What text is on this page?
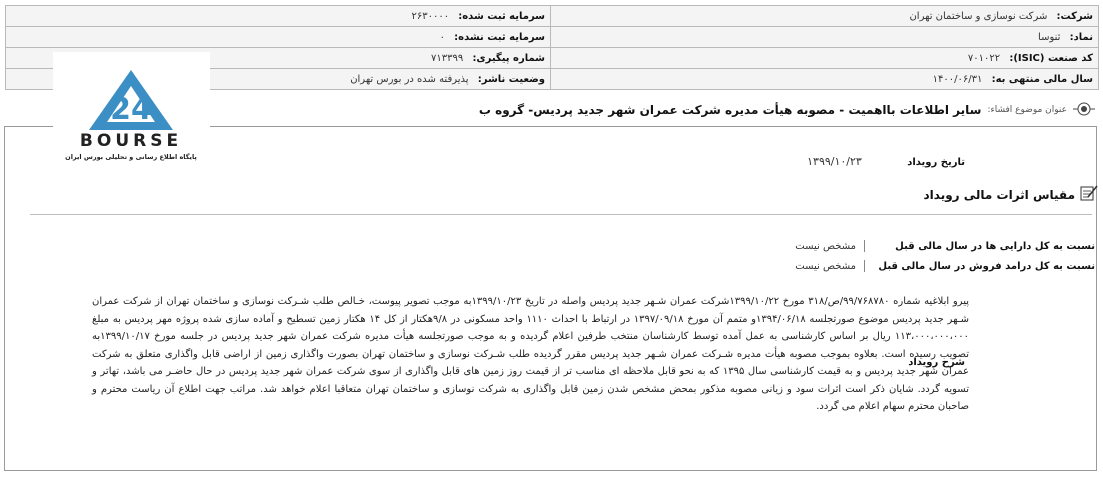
شرکت: شرکت نوسازی و ساختمان تهران	سرمایه ثبت شده: ۲۶۳۰۰۰۰
نماد: ثنوسا	سرمایه ثبت نشده: ۰
کد صنعت (ISIC): ۷۰۱۰۲۲	شماره پیگیری: ۷۱۳۳۹۹
سال مالی منتهی به: ۱۴۰۰/۰۶/۳۱	وضعیت ناشر: پذیرفته شده در بورس تهران
24
BOURSE
پایگاه اطلاع رسانی و تحلیلی بورس ایران
عنوان موضوع افشاء:
سایر اطلاعات بااهمیت - مصوبه هیأت مدیره شرکت عمران شهر جدید پردیس- گروه ب
تاریخ رویداد ۱۳۹۹/۱۰/۲۳
مقیاس اثرات مالی رویداد
نسبت به کل دارایی ها در سال مالی قبل
مشخص نیست
نسبت به کل درامد فروش در سال مالی قبل
مشخص نیست
شرح رویداد
پیرو ابلاغیه شماره ۹۹/۷۶۸۷۸۰/ص/۳۱۸ مورخ ۱۳۹۹/۱۰/۲۲شرکت عمران شـهر جدید پردیس واصله در تاریخ ۱۳۹۹/۱۰/۲۳به موجب تصویر پیوست، خـالص طلب شـرکت نوسازی و ساختمان تهران از شرکت عمران شـهر جدید پردیس موضوع صورتجلسه ۱۳۹۴/۰۶/۱۸و متمم آن مورخ ۱۳۹۷/۰۹/۱۸ در ارتباط با احداث ۱۱۱۰ واحد مسکونی در ۹/۸هکتار از کل ۱۴ هکتار زمین تسطیح و آماده سازی شده پروژه مهر پردیس به مبلغ ۱۱۳،۰۰۰،۰۰۰،۰۰۰ ریال بر اساس کارشناسی به عمل آمده توسط کارشناسان منتخب طرفین اعلام گردیده و به موجب صورتجلسه هیأت مدیره شرکت عمران شهر جدید پردیس در جلسه مورخ ۱۳۹۹/۱۰/۱۷به تصویب رسیده است. بعلاوه بموجب مصوبه هیأت مدیره شـرکت عمران شـهر جدید پردیس مقرر گردیده طلب شـرکت نوسازی و ساختمان تهران بصورت واگذاری زمین از اراضی قابل واگذاری متعلق به شرکت عمران شهر جدید پردیس و به قیمت کارشناسی سال ۱۳۹۵ که به نحو قابل ملاحظه ای مناسب تر از قیمت روز زمین های قابل واگذاری از سوی شرکت عمران شهر جدید پردیس در حال حاضـر می باشد، تهاتر و تسویه گردد. شایان ذکر است اثرات سود و زیانی مصوبه مذکور بمحض مشخص شدن زمین قابل واگذاری به شرکت نوسازی و ساختمان تهران متعاقبا اعلام خواهد شد. مراتب جهت اطلاع آن ریاست محترم و صاحبان محترم سهام اعلام می گردد.
